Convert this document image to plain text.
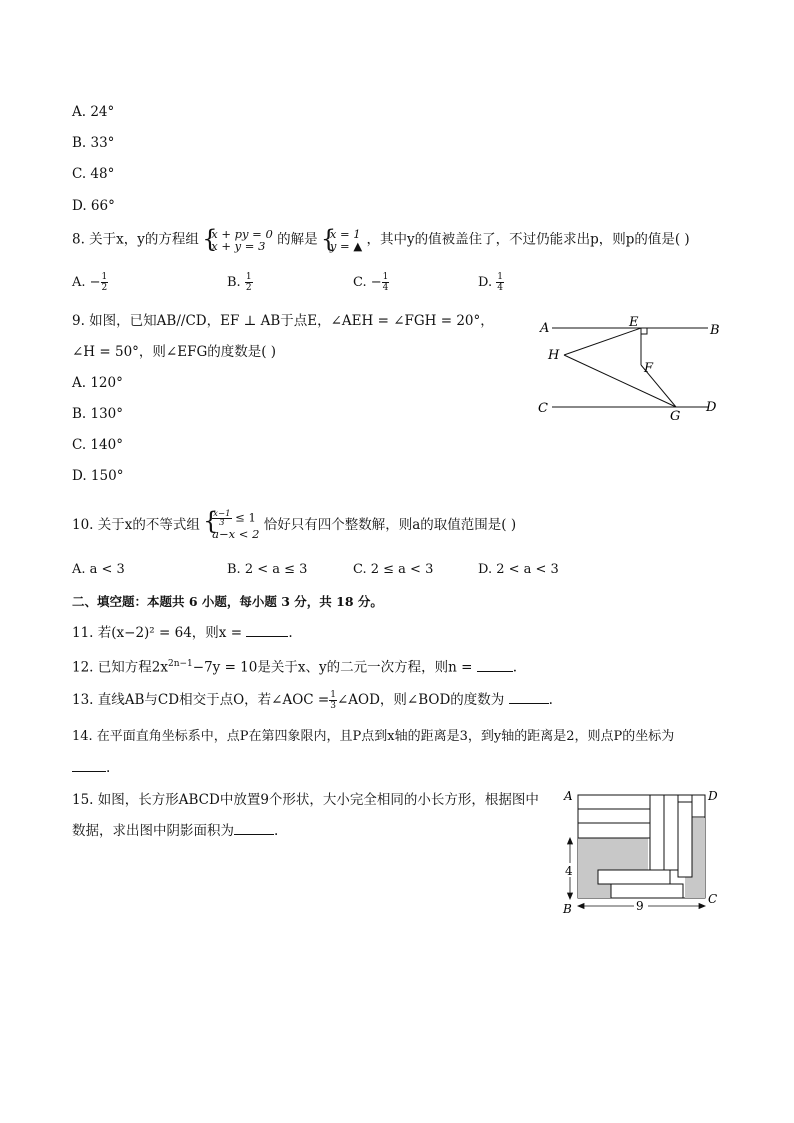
A. 24°
B. 33°
C. 48°
D. 66°
8. 关于x，y的方程组 { x + py = 0
x + y = 3 的解是 { x = 1
y = ▲ ，其中y的值被盖住了，不过仍能求出p，则p的值是( )
A. − $\frac{1}{2}$	B. $\frac{1}{2}$	C. − $\frac{1}{4}$	D. $\frac{1}{4}$
9. 如图，已知AB//CD，EF ⊥ AB于点E，∠AEH = ∠FGH = 20°，
∠H = 50°，则∠EFG的度数是( )
A. 120°
B. 130°
C. 140°
D. 150°
A	B
C	D
E
F
G
H
10. 关于x的不等式组 { $\frac{x-1}{3} \le 1$
a−x < 2
恰好只有四个整数解，则a的取值范围是( )
A. a < 3	B. 2 < a ≤ 3	C. 2 ≤ a < 3	D. 2 < a < 3
二、填空题：本题共 6 小题，每小题 3 分，共 18 分。
11. 若(x−2)² = 64，则x =	.
12. 已知方程$2x^{2n-1}-7y = 10$是关于x、y的二元一次方程，则n =	.
13. 直线AB与CD相交于点O，若∠AOC = $\frac{1}{3}$ ∠AOD，则∠BOD的度数为	.
14. 在平面直角坐标系中，点P在第四象限内，且P点到x轴的距离是3，到y轴的距离是2，则点P的坐标为
.
15. 如图，长方形ABCD中放置9个形状，大小完全相同的小长方形，根据图中
数据，求出图中阴影面积为	.
4
9
A	D
B
C
